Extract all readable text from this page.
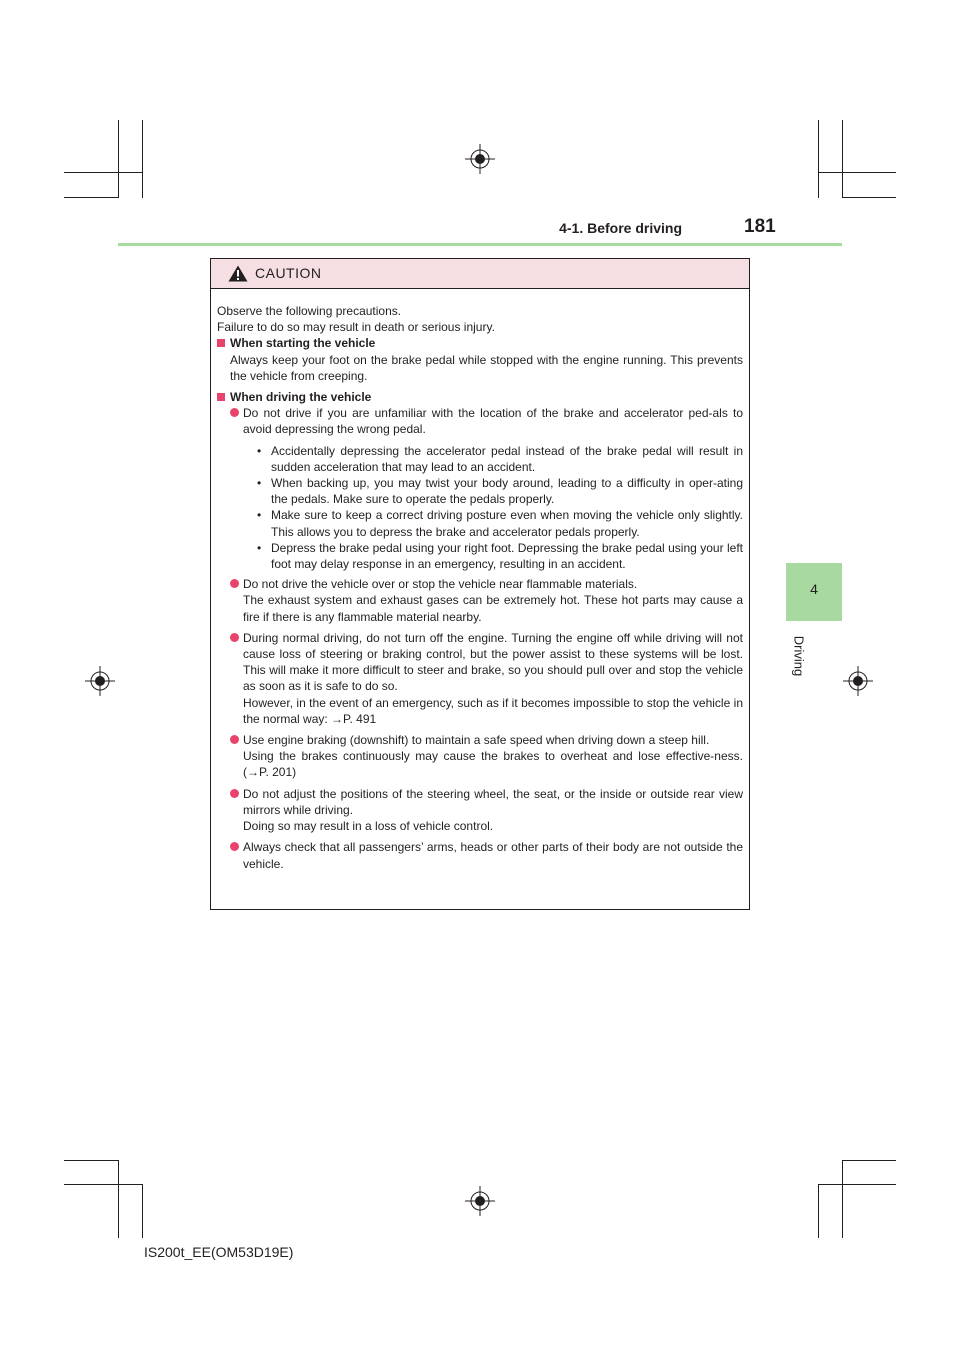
4-1. Before driving	181
4
Driving
CAUTION

Observe the following precautions.

Failure to do so may result in death or serious injury.

When starting the vehicle

Always keep your foot on the brake pedal while stopped with the engine running. This prevents the vehicle from creeping.

When driving the vehicle

Do not drive if you are unfamiliar with the location of the brake and accelerator ped-als to avoid depressing the wrong pedal.

• Accidentally depressing the accelerator pedal instead of the brake pedal will result in sudden acceleration that may lead to an accident.

• When backing up, you may twist your body around, leading to a difficulty in oper-ating the pedals. Make sure to operate the pedals properly.

• Make sure to keep a correct driving posture even when moving the vehicle only slightly. This allows you to depress the brake and accelerator pedals properly.

• Depress the brake pedal using your right foot. Depressing the brake pedal using your left foot may delay response in an emergency, resulting in an accident.

Do not drive the vehicle over or stop the vehicle near flammable materials.

The exhaust system and exhaust gases can be extremely hot. These hot parts may cause a fire if there is any flammable material nearby.

During normal driving, do not turn off the engine. Turning the engine off while driving will not cause loss of steering or braking control, but the power assist to these systems will be lost. This will make it more difficult to steer and brake, so you should pull over and stop the vehicle as soon as it is safe to do so.

However, in the event of an emergency, such as if it becomes impossible to stop the vehicle in the normal way: →P. 491

Use engine braking (downshift) to maintain a safe speed when driving down a steep hill.

Using the brakes continuously may cause the brakes to overheat and lose effective-ness. (→P. 201)

Do not adjust the positions of the steering wheel, the seat, or the inside or outside rear view mirrors while driving.

Doing so may result in a loss of vehicle control.

Always check that all passengers’ arms, heads or other parts of their body are not outside the vehicle.

IS200t_EE(OM53D19E)
